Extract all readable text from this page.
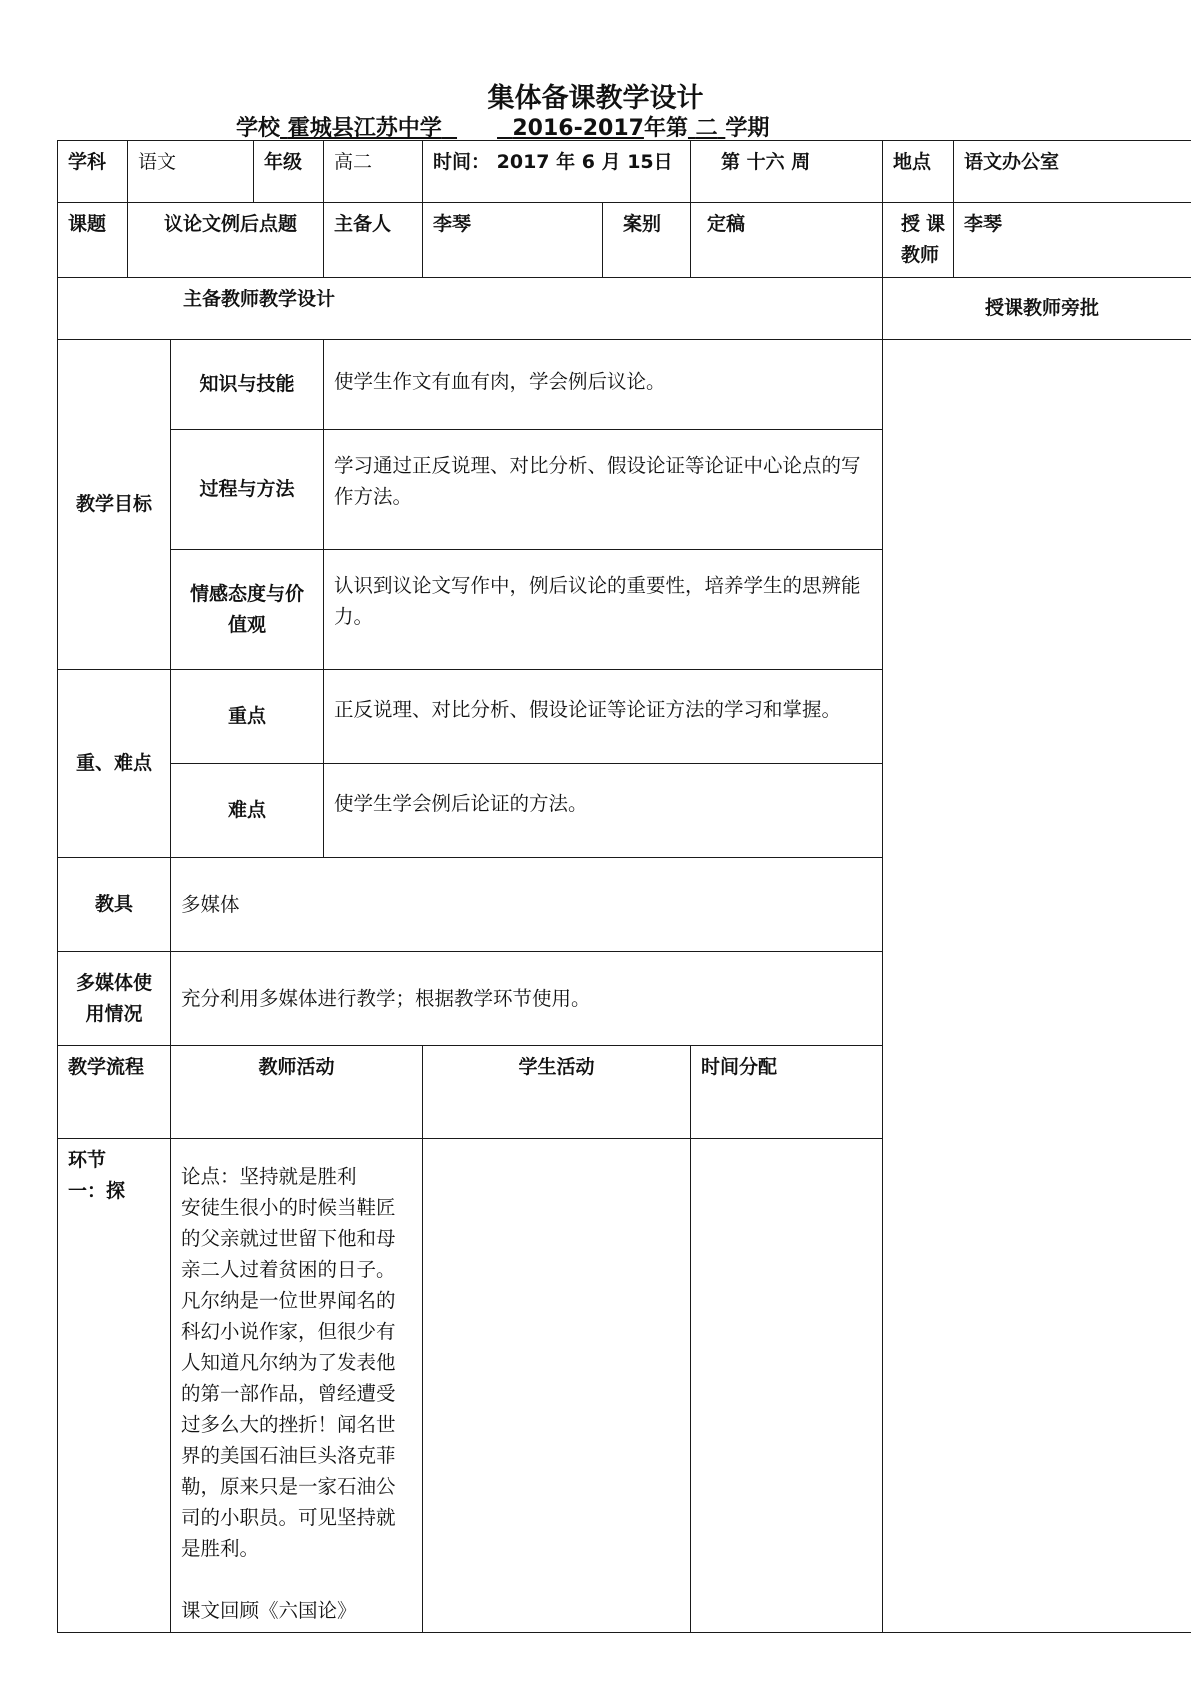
集体备课教学设计
学校 霍城县江苏中学	2016-2017年第 二 学期
学科	语文		年级	高二	时间： 2017 年 6 月 15日		第 十六 周	地点	语文办公室
课题	议论文例后点题			主备人	李琴	案别	定稿	授课教师	李琴
主备教师教学设计								授课教师旁批	
教学目标		知识与技能		使学生作文有血有肉，学会例后议论。					
		过程与方法		学习通过正反说理、对比分析、假设论证等论证中心论点的写作方法。					
		情感态度与价值观		认识到议论文写作中，例后议论的重要性，培养学生的思辨能力。					
重、难点		重点		正反说理、对比分析、假设论证等论证方法的学习和掌握。					
		难点		使学生学会例后论证的方法。					
教具		多媒体							
多媒体使用情况		充分利用多媒体进行教学；根据教学环节使用。							
教学流程		教师活动			学生活动		时间分配		
环节一：探		论点：坚持就是胜利
安徒生很小的时候当鞋匠的父亲就过世留下他和母亲二人过着贫困的日子。凡尔纳是一位世界闻名的科幻小说作家，但很少有人知道凡尔纳为了发表他的第一部作品，曾经遭受过多么大的挫折！闻名世界的美国石油巨头洛克菲勒，原来只是一家石油公司的小职员。可见坚持就是胜利。

课文回顾《六国论》							
